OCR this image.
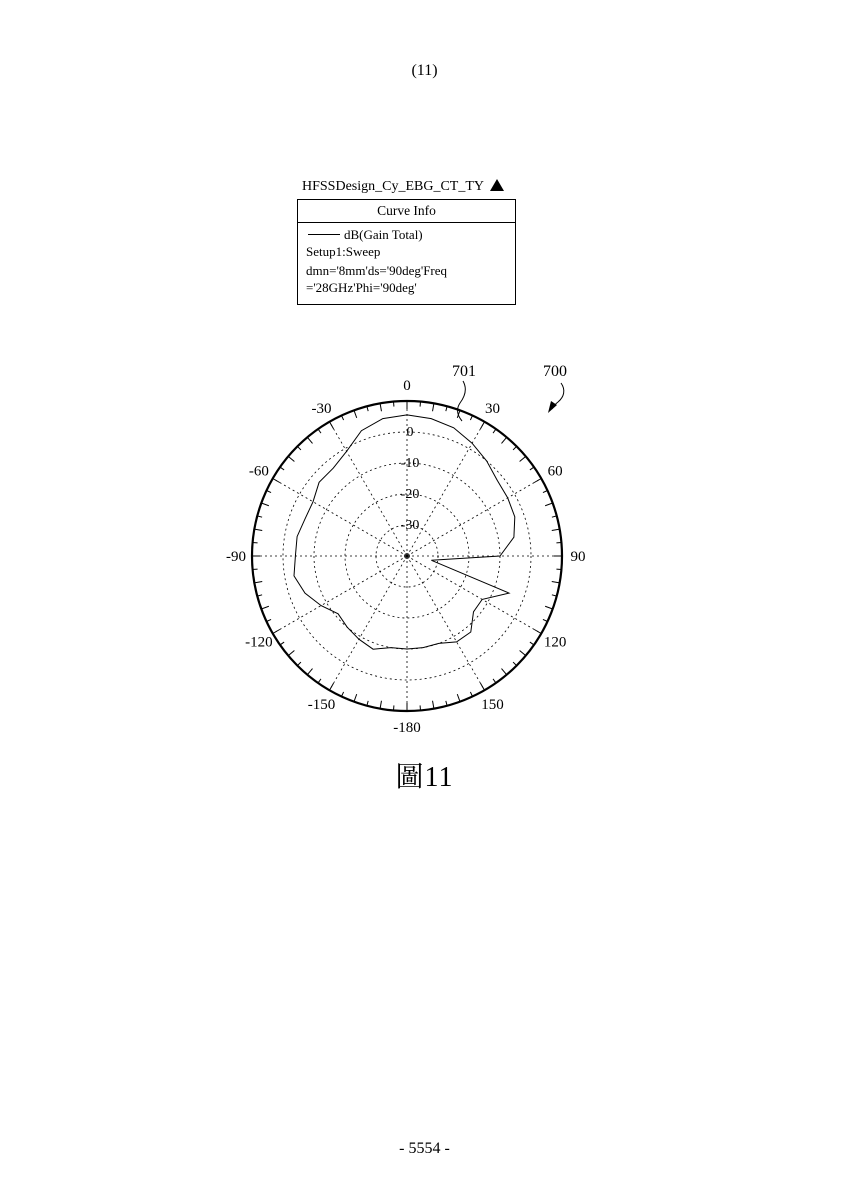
(11)
HFSSDesign_Cy_EBG_CT_TY
Curve Info
dB(Gain Total)
Setup1:Sweep
dmn='8mm'ds='90deg'Freq
='28GHz'Phi='90deg'
0
30
60
90
120
150
-180
-150
-120
-90
-60
-30
0
-10
-20
-30
701	700
圖11
- 5554 -
